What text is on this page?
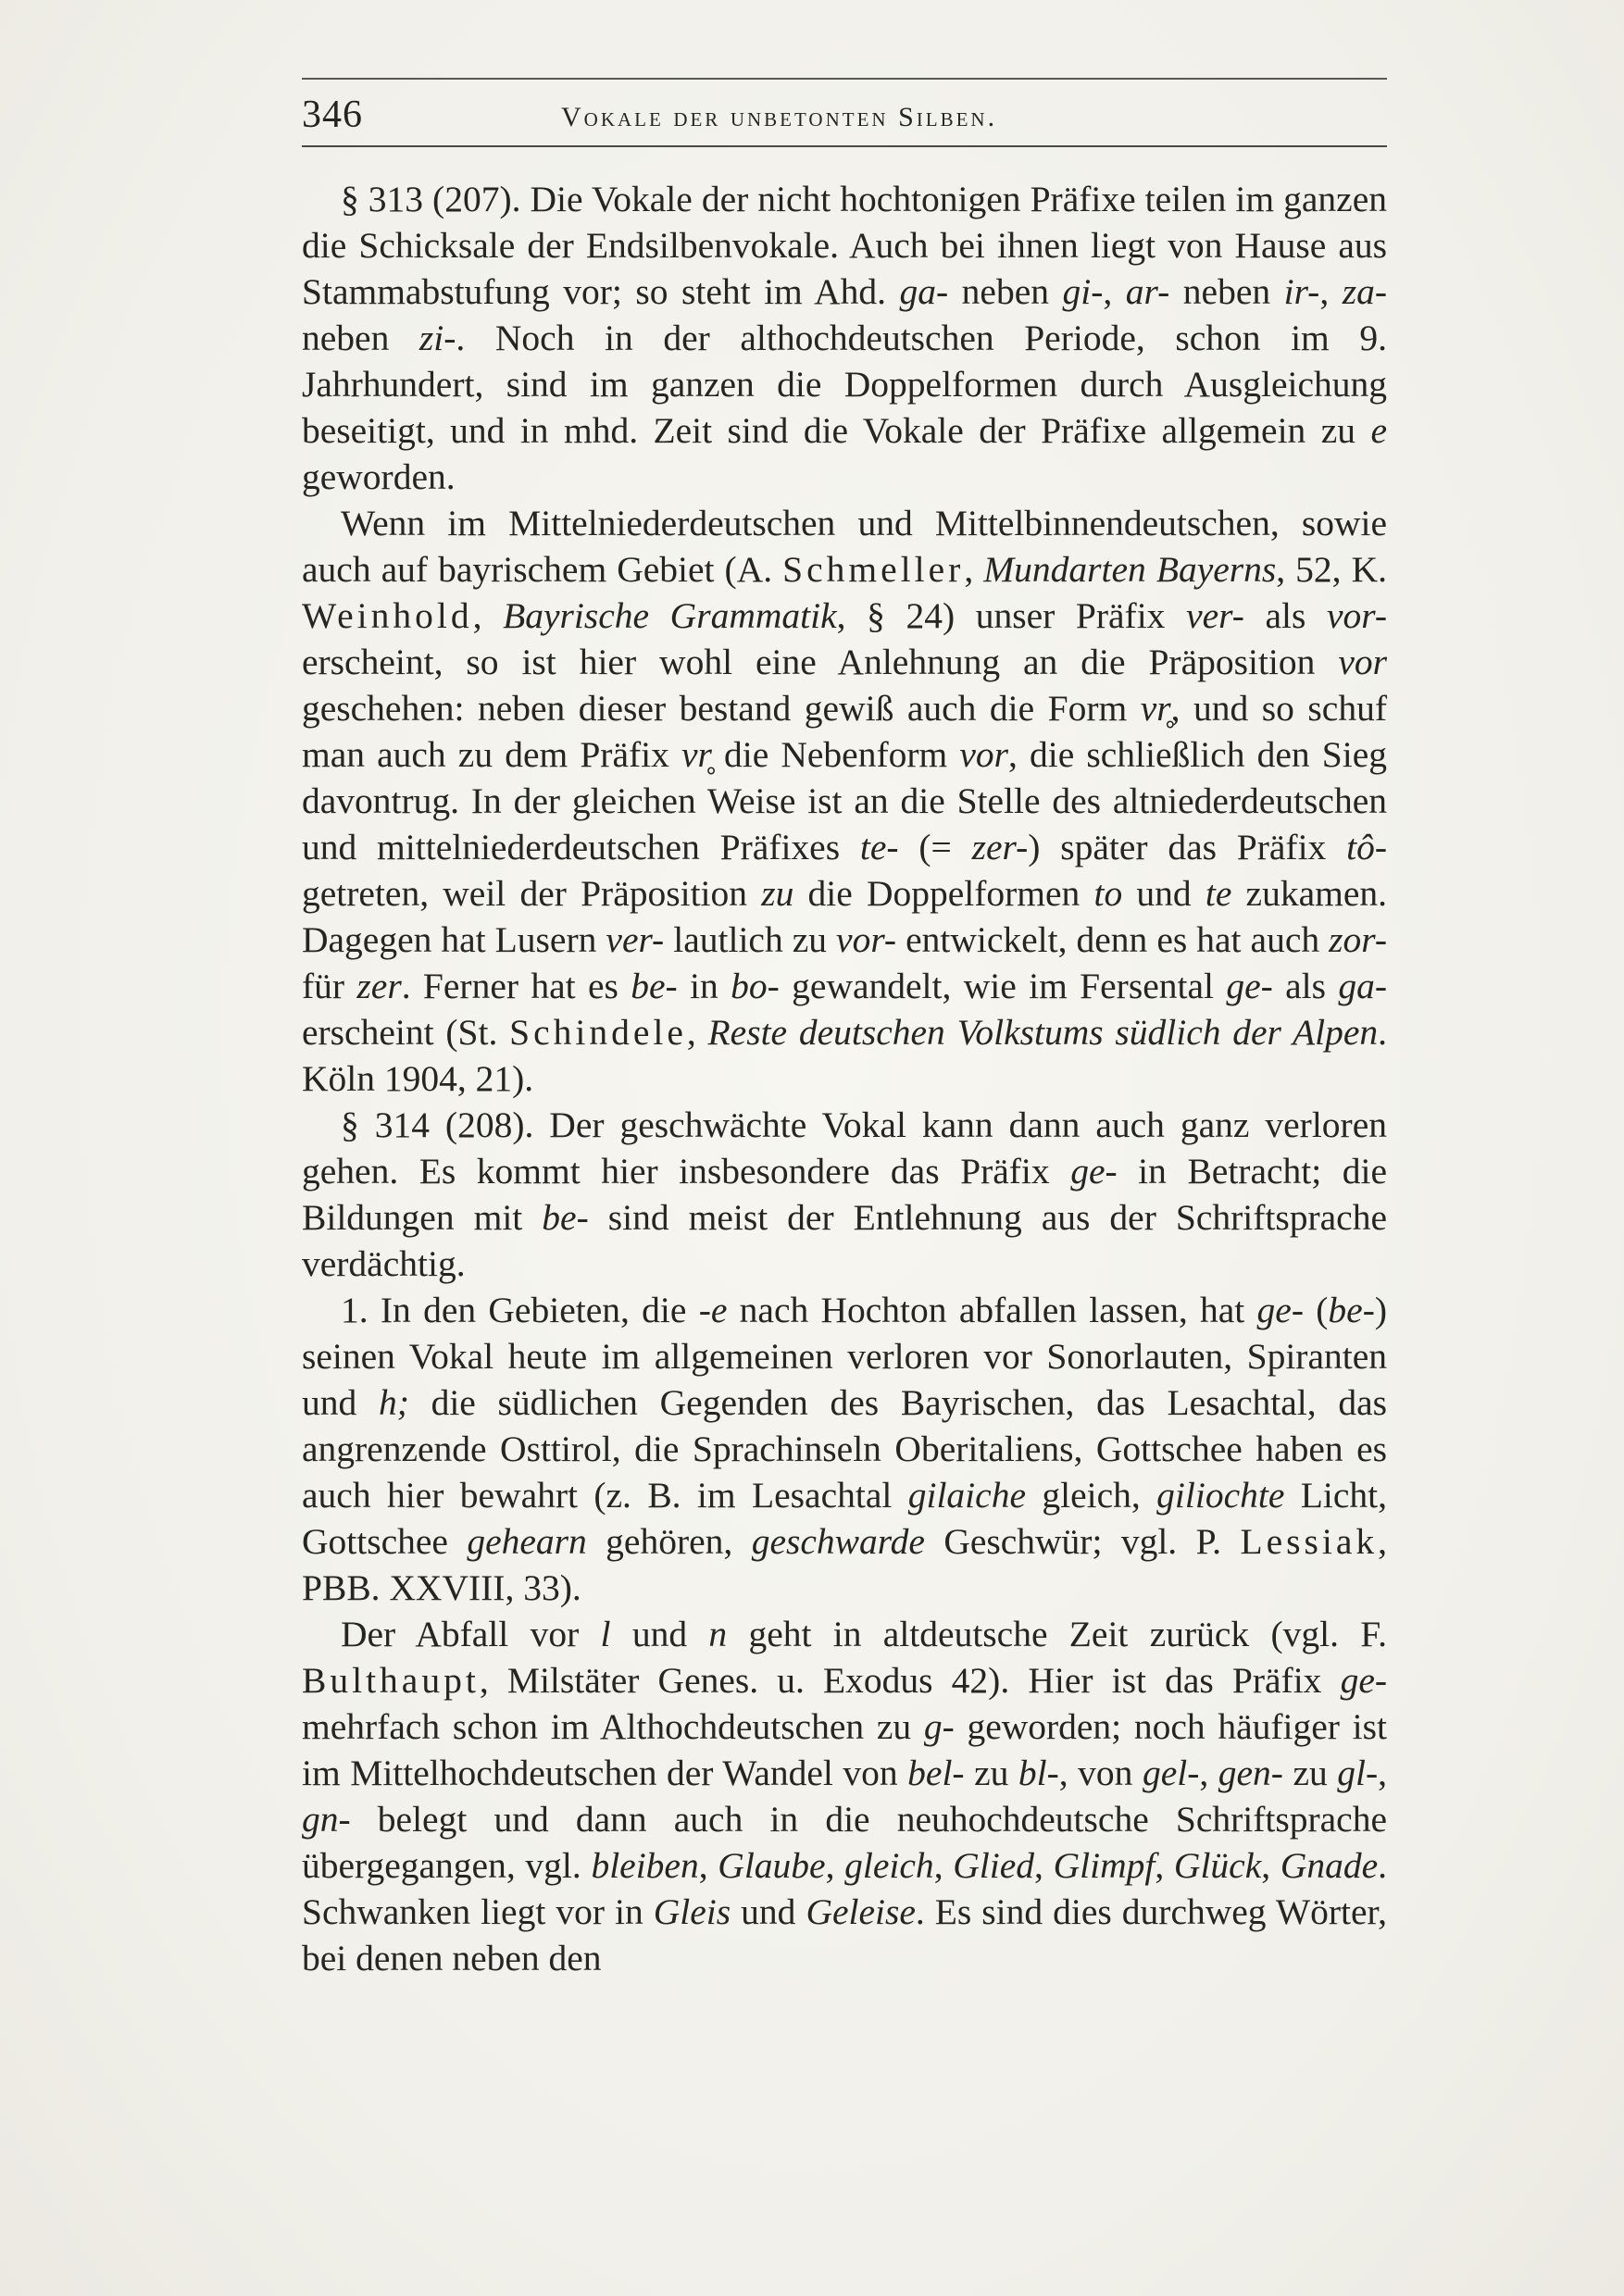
346	Vokale der unbetonten Silben.

§ 313 (207). Die Vokale der nicht hochtonigen Präfixe teilen im ganzen die Schicksale der Endsilbenvokale. Auch bei ihnen liegt von Hause aus Stammabstufung vor; so steht im Ahd. ga- neben gi-, ar- neben ir-, za- neben zi-. Noch in der althochdeutschen Periode, schon im 9. Jahrhundert, sind im ganzen die Doppelformen durch Ausgleichung beseitigt, und in mhd. Zeit sind die Vokale der Präfixe allgemein zu e geworden.

Wenn im Mittelniederdeutschen und Mittelbinnendeutschen, sowie auch auf bayrischem Gebiet (A. Schmeller, Mundarten Bayerns, 52, K. Weinhold, Bayrische Grammatik, § 24) unser Präfix ver- als vor- erscheint, so ist hier wohl eine Anlehnung an die Präposition vor geschehen: neben dieser bestand gewiß auch die Form vr̥, und so schuf man auch zu dem Präfix vr̥ die Nebenform vor, die schließlich den Sieg davontrug. In der gleichen Weise ist an die Stelle des altniederdeutschen und mittelniederdeutschen Präfixes te- (= zer-) später das Präfix tô- getreten, weil der Präposition zu die Doppelformen to und te zukamen. Dagegen hat Lusern ver- lautlich zu vor- entwickelt, denn es hat auch zor- für zer. Ferner hat es be- in bo- gewandelt, wie im Fersental ge- als ga- erscheint (St. Schindele, Reste deutschen Volkstums südlich der Alpen. Köln 1904, 21).

§ 314 (208). Der geschwächte Vokal kann dann auch ganz verloren gehen. Es kommt hier insbesondere das Präfix ge- in Betracht; die Bildungen mit be- sind meist der Entlehnung aus der Schriftsprache verdächtig.

1. In den Gebieten, die -e nach Hochton abfallen lassen, hat ge- (be-) seinen Vokal heute im allgemeinen verloren vor Sonorlauten, Spiranten und h; die südlichen Gegenden des Bayrischen, das Lesachtal, das angrenzende Osttirol, die Sprachinseln Oberitaliens, Gottschee haben es auch hier bewahrt (z. B. im Lesachtal gilaiche gleich, giliochte Licht, Gottschee gehearn gehören, geschwarde Geschwür; vgl. P. Lessiak, PBB. XXVIII, 33).

Der Abfall vor l und n geht in altdeutsche Zeit zurück (vgl. F. Bulthaupt, Milstäter Genes. u. Exodus 42). Hier ist das Präfix ge- mehrfach schon im Althochdeutschen zu g- geworden; noch häufiger ist im Mittelhochdeutschen der Wandel von bel- zu bl-, von gel-, gen- zu gl-, gn- belegt und dann auch in die neuhochdeutsche Schriftsprache übergegangen, vgl. bleiben, Glaube, gleich, Glied, Glimpf, Glück, Gnade. Schwanken liegt vor in Gleis und Geleise. Es sind dies durchweg Wörter, bei denen neben den
